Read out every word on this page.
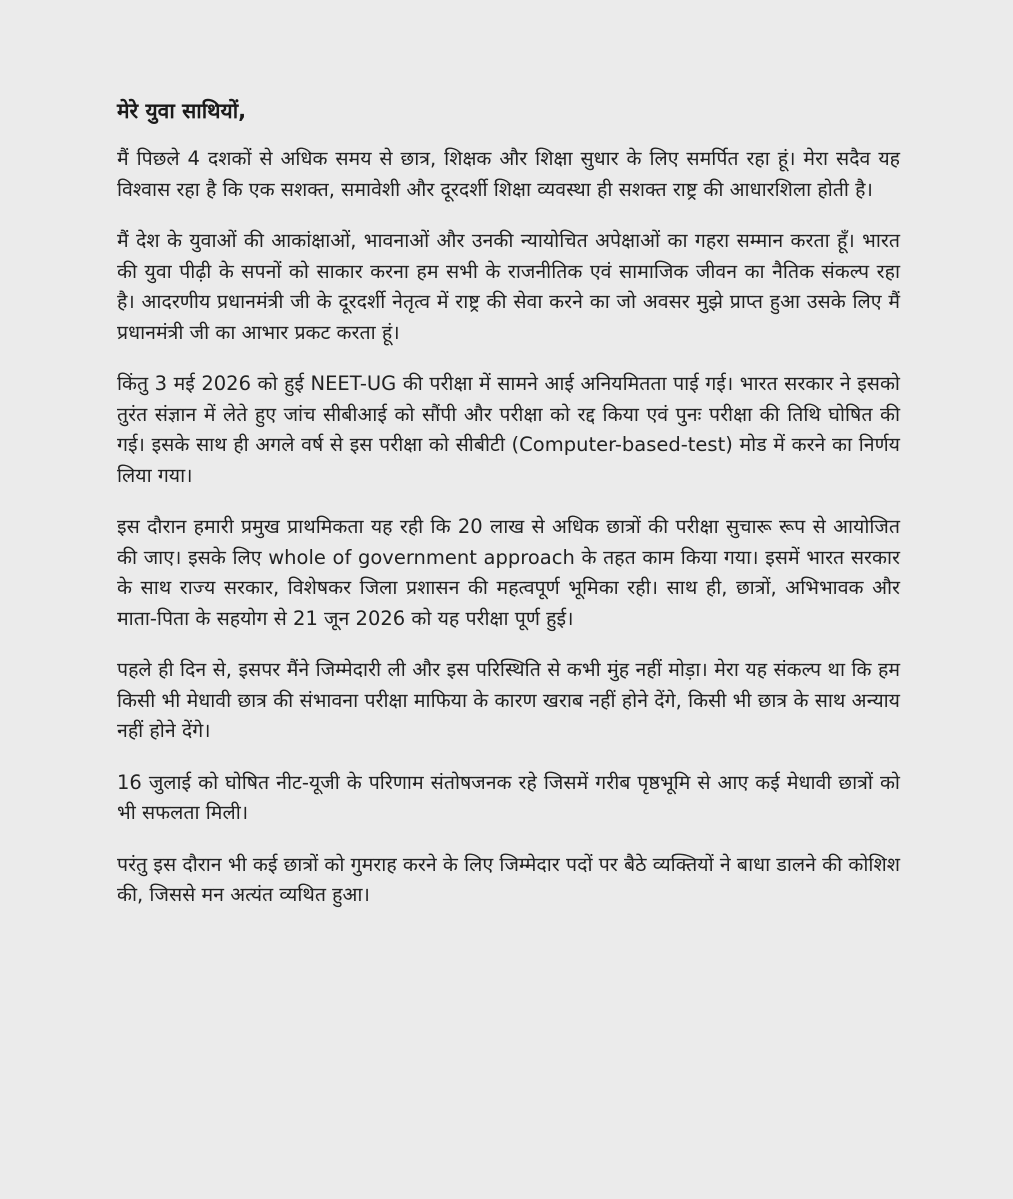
मेरे युवा साथियों,

मैं पिछले 4 दशकों से अधिक समय से छात्र, शिक्षक और शिक्षा सुधार के लिए समर्पित रहा हूं। मेरा सदैव यह विश्वास रहा है कि एक सशक्त, समावेशी और दूरदर्शी शिक्षा व्यवस्था ही सशक्त राष्ट्र की आधारशिला होती है।

मैं देश के युवाओं की आकांक्षाओं, भावनाओं और उनकी न्यायोचित अपेक्षाओं का गहरा सम्मान करता हूँ। भारत की युवा पीढ़ी के सपनों को साकार करना हम सभी के राजनीतिक एवं सामाजिक जीवन का नैतिक संकल्प रहा है। आदरणीय प्रधानमंत्री जी के दूरदर्शी नेतृत्व में राष्ट्र की सेवा करने का जो अवसर मुझे प्राप्त हुआ उसके लिए मैं प्रधानमंत्री जी का आभार प्रकट करता हूं।

किंतु 3 मई 2026 को हुई NEET-UG की परीक्षा में सामने आई अनियमितता पाई गई। भारत सरकार ने इसको तुरंत संज्ञान में लेते हुए जांच सीबीआई को सौंपी और परीक्षा को रद्द किया एवं पुनः परीक्षा की तिथि घोषित की गई। इसके साथ ही अगले वर्ष से इस परीक्षा को सीबीटी (Computer-based-test) मोड में करने का निर्णय लिया गया।

इस दौरान हमारी प्रमुख प्राथमिकता यह रही कि 20 लाख से अधिक छात्रों की परीक्षा सुचारू रूप से आयोजित की जाए। इसके लिए whole of government approach के तहत काम किया गया। इसमें भारत सरकार के साथ राज्य सरकार, विशेषकर जिला प्रशासन की महत्वपूर्ण भूमिका रही। साथ ही, छात्रों, अभिभावक और माता-पिता के सहयोग से 21 जून 2026 को यह परीक्षा पूर्ण हुई।

पहले ही दिन से, इसपर मैंने जिम्मेदारी ली और इस परिस्थिति से कभी मुंह नहीं मोड़ा। मेरा यह संकल्प था कि हम किसी भी मेधावी छात्र की संभावना परीक्षा माफिया के कारण खराब नहीं होने देंगे, किसी भी छात्र के साथ अन्याय नहीं होने देंगे।

16 जुलाई को घोषित नीट-यूजी के परिणाम संतोषजनक रहे जिसमें गरीब पृष्ठभूमि से आए कई मेधावी छात्रों को भी सफलता मिली।

परंतु इस दौरान भी कई छात्रों को गुमराह करने के लिए जिम्मेदार पदों पर बैठे व्यक्तियों ने बाधा डालने की कोशिश की, जिससे मन अत्यंत व्यथित हुआ।
